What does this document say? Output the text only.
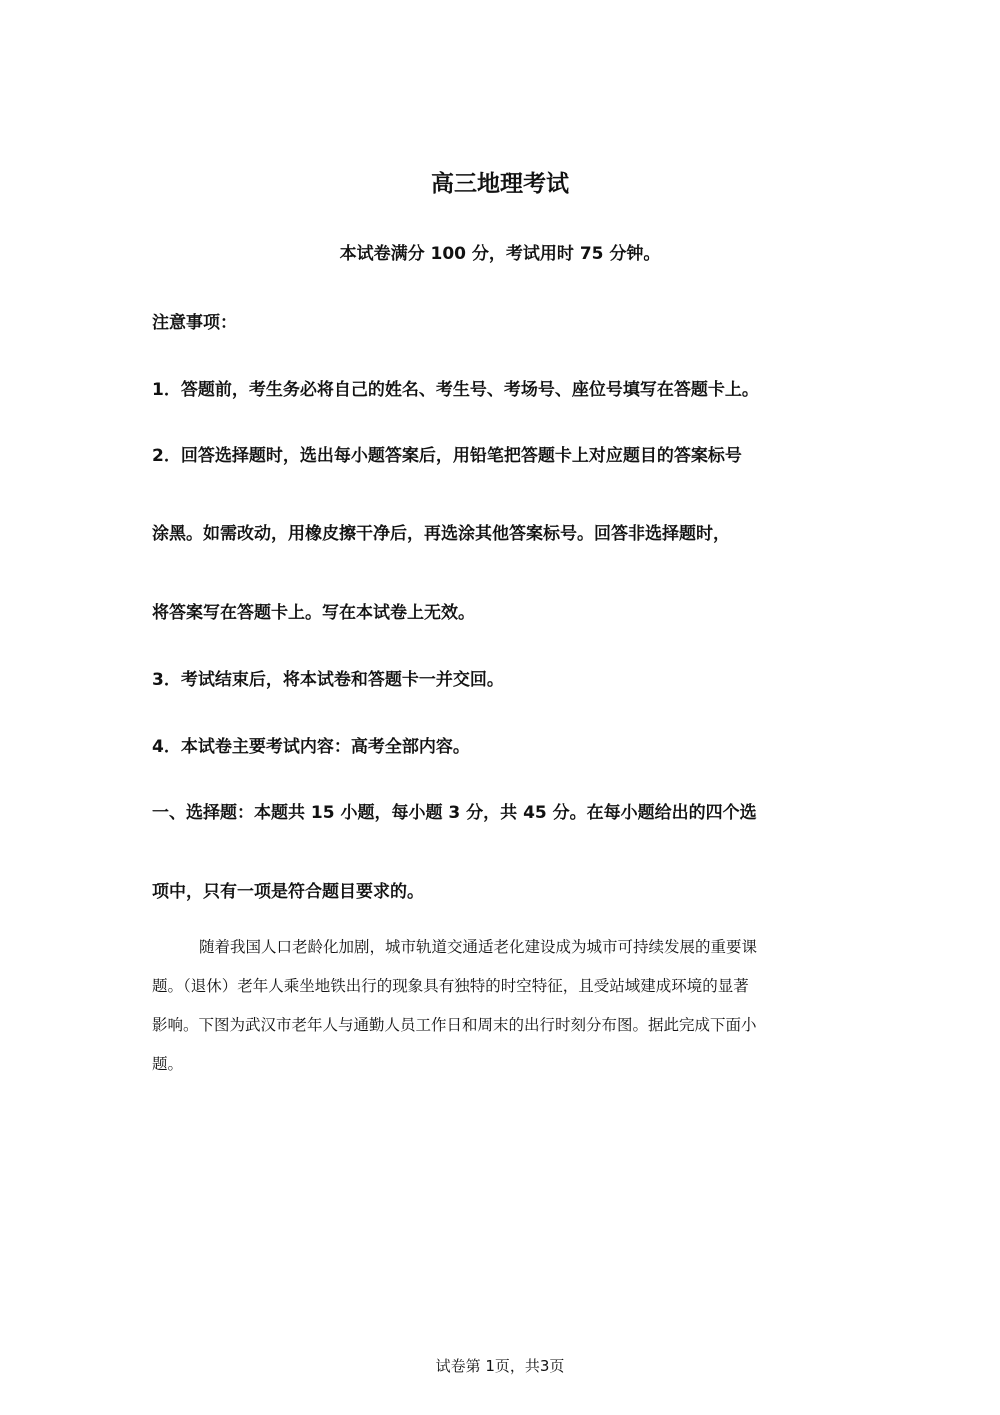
高三地理考试

本试卷满分 100 分，考试用时 75 分钟。

注意事项：

1．答题前，考生务必将自己的姓名、考生号、考场号、座位号填写在答题卡上。

2．回答选择题时，选出每小题答案后，用铅笔把答题卡上对应题目的答案标号

涂黑。如需改动，用橡皮擦干净后，再选涂其他答案标号。回答非选择题时，

将答案写在答题卡上。写在本试卷上无效。

3．考试结束后，将本试卷和答题卡一并交回。

4．本试卷主要考试内容：高考全部内容。

一、选择题：本题共 15 小题，每小题 3 分，共 45 分。在每小题给出的四个选

项中，只有一项是符合题目要求的。

随着我国人口老龄化加剧，城市轨道交通适老化建设成为城市可持续发展的重要课

题。（退休）老年人乘坐地铁出行的现象具有独特的时空特征，且受站域建成环境的显著

影响。下图为武汉市老年人与通勤人员工作日和周末的出行时刻分布图。据此完成下面小

题。

试卷第 1页，共3页
